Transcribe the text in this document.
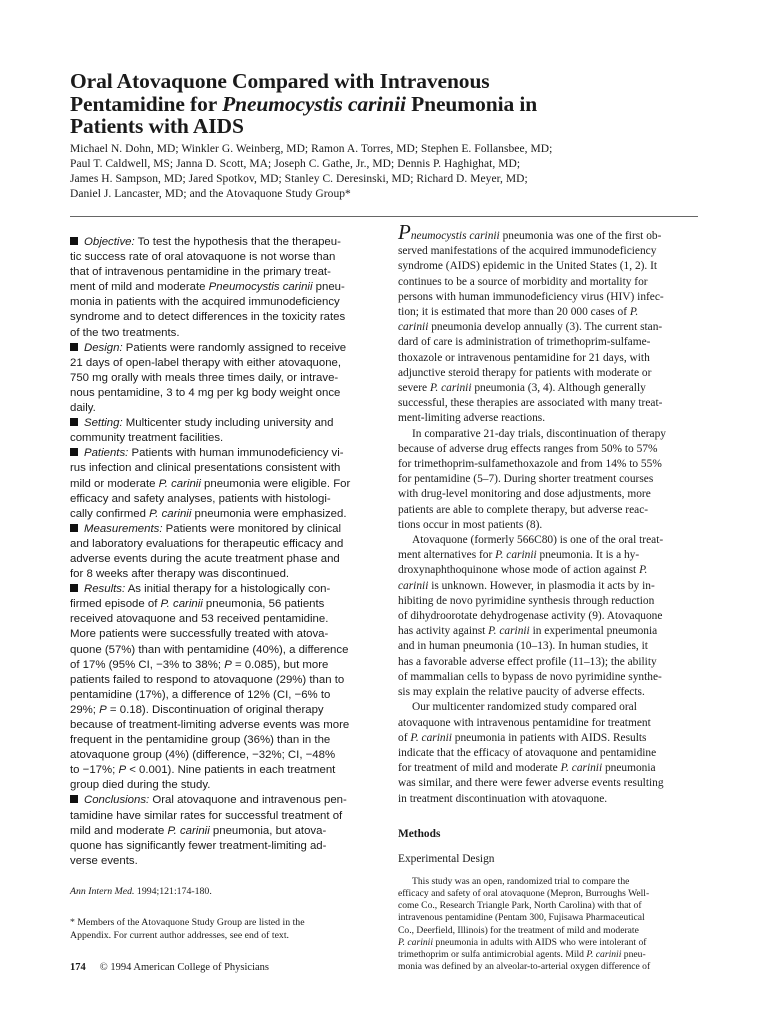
Oral Atovaquone Compared with Intravenous
Pentamidine for Pneumocystis carinii Pneumonia in
Patients with AIDS
Michael N. Dohn, MD; Winkler G. Weinberg, MD; Ramon A. Torres, MD; Stephen E. Follansbee, MD;
Paul T. Caldwell, MS; Janna D. Scott, MA; Joseph C. Gathe, Jr., MD; Dennis P. Haghighat, MD;
James H. Sampson, MD; Jared Spotkov, MD; Stanley C. Deresinski, MD; Richard D. Meyer, MD;
Daniel J. Lancaster, MD; and the Atovaquone Study Group*

Objective: To test the hypothesis that the therapeu-
tic success rate of oral atovaquone is not worse than
that of intravenous pentamidine in the primary treat-
ment of mild and moderate Pneumocystis carinii pneu-
monia in patients with the acquired immunodeficiency
syndrome and to detect differences in the toxicity rates
of the two treatments.

Design: Patients were randomly assigned to receive
21 days of open-label therapy with either atovaquone,
750 mg orally with meals three times daily, or intrave-
nous pentamidine, 3 to 4 mg per kg body weight once
daily.

Setting: Multicenter study including university and
community treatment facilities.

Patients: Patients with human immunodeficiency vi-
rus infection and clinical presentations consistent with
mild or moderate P. carinii pneumonia were eligible. For
efficacy and safety analyses, patients with histologi-
cally confirmed P. carinii pneumonia were emphasized.

Measurements: Patients were monitored by clinical
and laboratory evaluations for therapeutic efficacy and
adverse events during the acute treatment phase and
for 8 weeks after therapy was discontinued.

Results: As initial therapy for a histologically con-
firmed episode of P. carinii pneumonia, 56 patients
received atovaquone and 53 received pentamidine.
More patients were successfully treated with atova-
quone (57%) than with pentamidine (40%), a difference
of 17% (95% CI, −3% to 38%; P = 0.085), but more
patients failed to respond to atovaquone (29%) than to
pentamidine (17%), a difference of 12% (CI, −6% to
29%; P = 0.18). Discontinuation of original therapy
because of treatment-limiting adverse events was more
frequent in the pentamidine group (36%) than in the
atovaquone group (4%) (difference, −32%; CI, −48%
to −17%; P < 0.001). Nine patients in each treatment
group died during the study.

Conclusions: Oral atovaquone and intravenous pen-
tamidine have similar rates for successful treatment of
mild and moderate P. carinii pneumonia, but atova-
quone has significantly fewer treatment-limiting ad-
verse events.

Ann Intern Med. 1994;121:174-180.
* Members of the Atovaquone Study Group are listed in the
Appendix. For current author addresses, see end of text.
174 © 1994 American College of Physicians

Pneumocystis carinii pneumonia was one of the first ob-
served manifestations of the acquired immunodeficiency
syndrome (AIDS) epidemic in the United States (1, 2). It
continues to be a source of morbidity and mortality for
persons with human immunodeficiency virus (HIV) infec-
tion; it is estimated that more than 20 000 cases of P.
carinii pneumonia develop annually (3). The current stan-
dard of care is administration of trimethoprim-sulfame-
thoxazole or intravenous pentamidine for 21 days, with
adjunctive steroid therapy for patients with moderate or
severe P. carinii pneumonia (3, 4). Although generally
successful, these therapies are associated with many treat-
ment-limiting adverse reactions.

In comparative 21-day trials, discontinuation of therapy
because of adverse drug effects ranges from 50% to 57%
for trimethoprim-sulfamethoxazole and from 14% to 55%
for pentamidine (5–7). During shorter treatment courses
with drug-level monitoring and dose adjustments, more
patients are able to complete therapy, but adverse reac-
tions occur in most patients (8).

Atovaquone (formerly 566C80) is one of the oral treat-
ment alternatives for P. carinii pneumonia. It is a hy-
droxynaphthoquinone whose mode of action against P.
carinii is unknown. However, in plasmodia it acts by in-
hibiting de novo pyrimidine synthesis through reduction
of dihydroorotate dehydrogenase activity (9). Atovaquone
has activity against P. carinii in experimental pneumonia
and in human pneumonia (10–13). In human studies, it
has a favorable adverse effect profile (11–13); the ability
of mammalian cells to bypass de novo pyrimidine synthe-
sis may explain the relative paucity of adverse effects.

Our multicenter randomized study compared oral
atovaquone with intravenous pentamidine for treatment
of P. carinii pneumonia in patients with AIDS. Results
indicate that the efficacy of atovaquone and pentamidine
for treatment of mild and moderate P. carinii pneumonia
was similar, and there were fewer adverse events resulting
in treatment discontinuation with atovaquone.

Methods
Experimental Design

This study was an open, randomized trial to compare the
efficacy and safety of oral atovaquone (Mepron, Burroughs Well-
come Co., Research Triangle Park, North Carolina) with that of
intravenous pentamidine (Pentam 300, Fujisawa Pharmaceutical
Co., Deerfield, Illinois) for the treatment of mild and moderate
P. carinii pneumonia in adults with AIDS who were intolerant of
trimethoprim or sulfa antimicrobial agents. Mild P. carinii pneu-
monia was defined by an alveolar-to-arterial oxygen difference of
